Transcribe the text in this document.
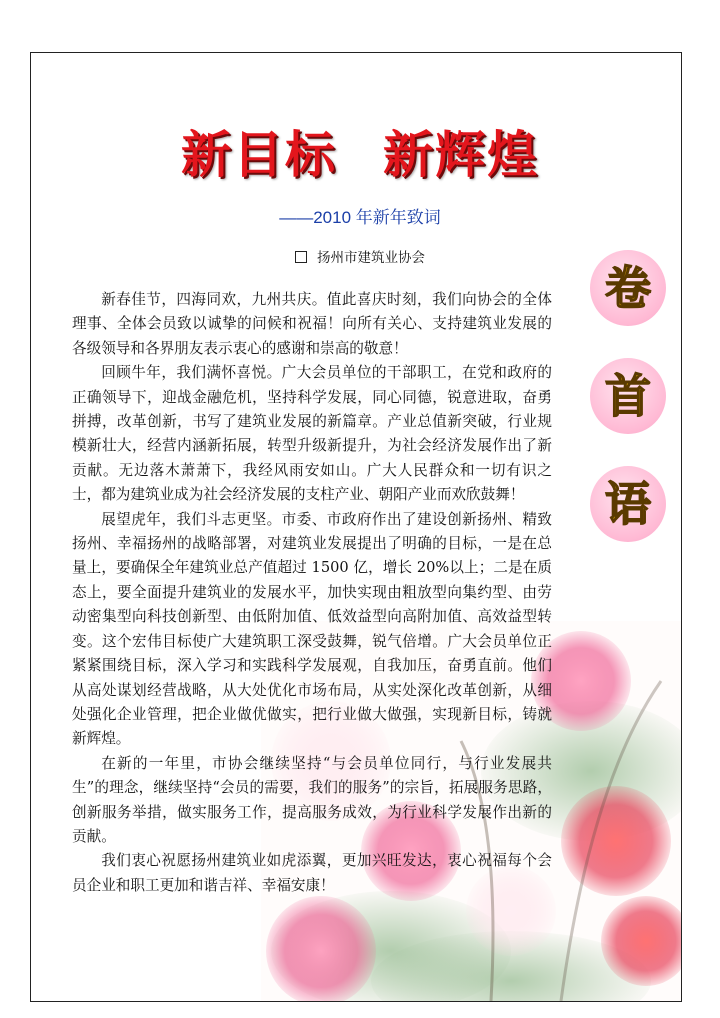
新目标 新辉煌
——2010 年新年致词
扬州市建筑业协会

新春佳节，四海同欢，九州共庆。值此喜庆时刻，我们向协会的全体理事、全体会员致以诚挚的问候和祝福！向所有关心、支持建筑业发展的各级领导和各界朋友表示衷心的感谢和崇高的敬意！

回顾牛年，我们满怀喜悦。广大会员单位的干部职工，在党和政府的正确领导下，迎战金融危机，坚持科学发展，同心同德，锐意进取，奋勇拼搏，改革创新，书写了建筑业发展的新篇章。产业总值新突破，行业规模新壮大，经营内涵新拓展，转型升级新提升，为社会经济发展作出了新贡献。无边落木萧萧下，我经风雨安如山。广大人民群众和一切有识之士，都为建筑业成为社会经济发展的支柱产业、朝阳产业而欢欣鼓舞！

展望虎年，我们斗志更坚。市委、市政府作出了建设创新扬州、精致扬州、幸福扬州的战略部署，对建筑业发展提出了明确的目标，一是在总量上，要确保全年建筑业总产值超过 1500 亿，增长 20%以上；二是在质态上，要全面提升建筑业的发展水平，加快实现由粗放型向集约型、由劳动密集型向科技创新型、由低附加值、低效益型向高附加值、高效益型转变。这个宏伟目标使广大建筑职工深受鼓舞，锐气倍增。广大会员单位正紧紧围绕目标，深入学习和实践科学发展观，自我加压，奋勇直前。他们从高处谋划经营战略，从大处优化市场布局，从实处深化改革创新，从细处强化企业管理，把企业做优做实，把行业做大做强，实现新目标，铸就新辉煌。

在新的一年里，市协会继续坚持“与会员单位同行，与行业发展共生”的理念，继续坚持“会员的需要，我们的服务”的宗旨，拓展服务思路，创新服务举措，做实服务工作，提高服务成效，为行业科学发展作出新的贡献。

我们衷心祝愿扬州建筑业如虎添翼，更加兴旺发达，衷心祝福每个会员企业和职工更加和谐吉祥、幸福安康！

卷
首
语
